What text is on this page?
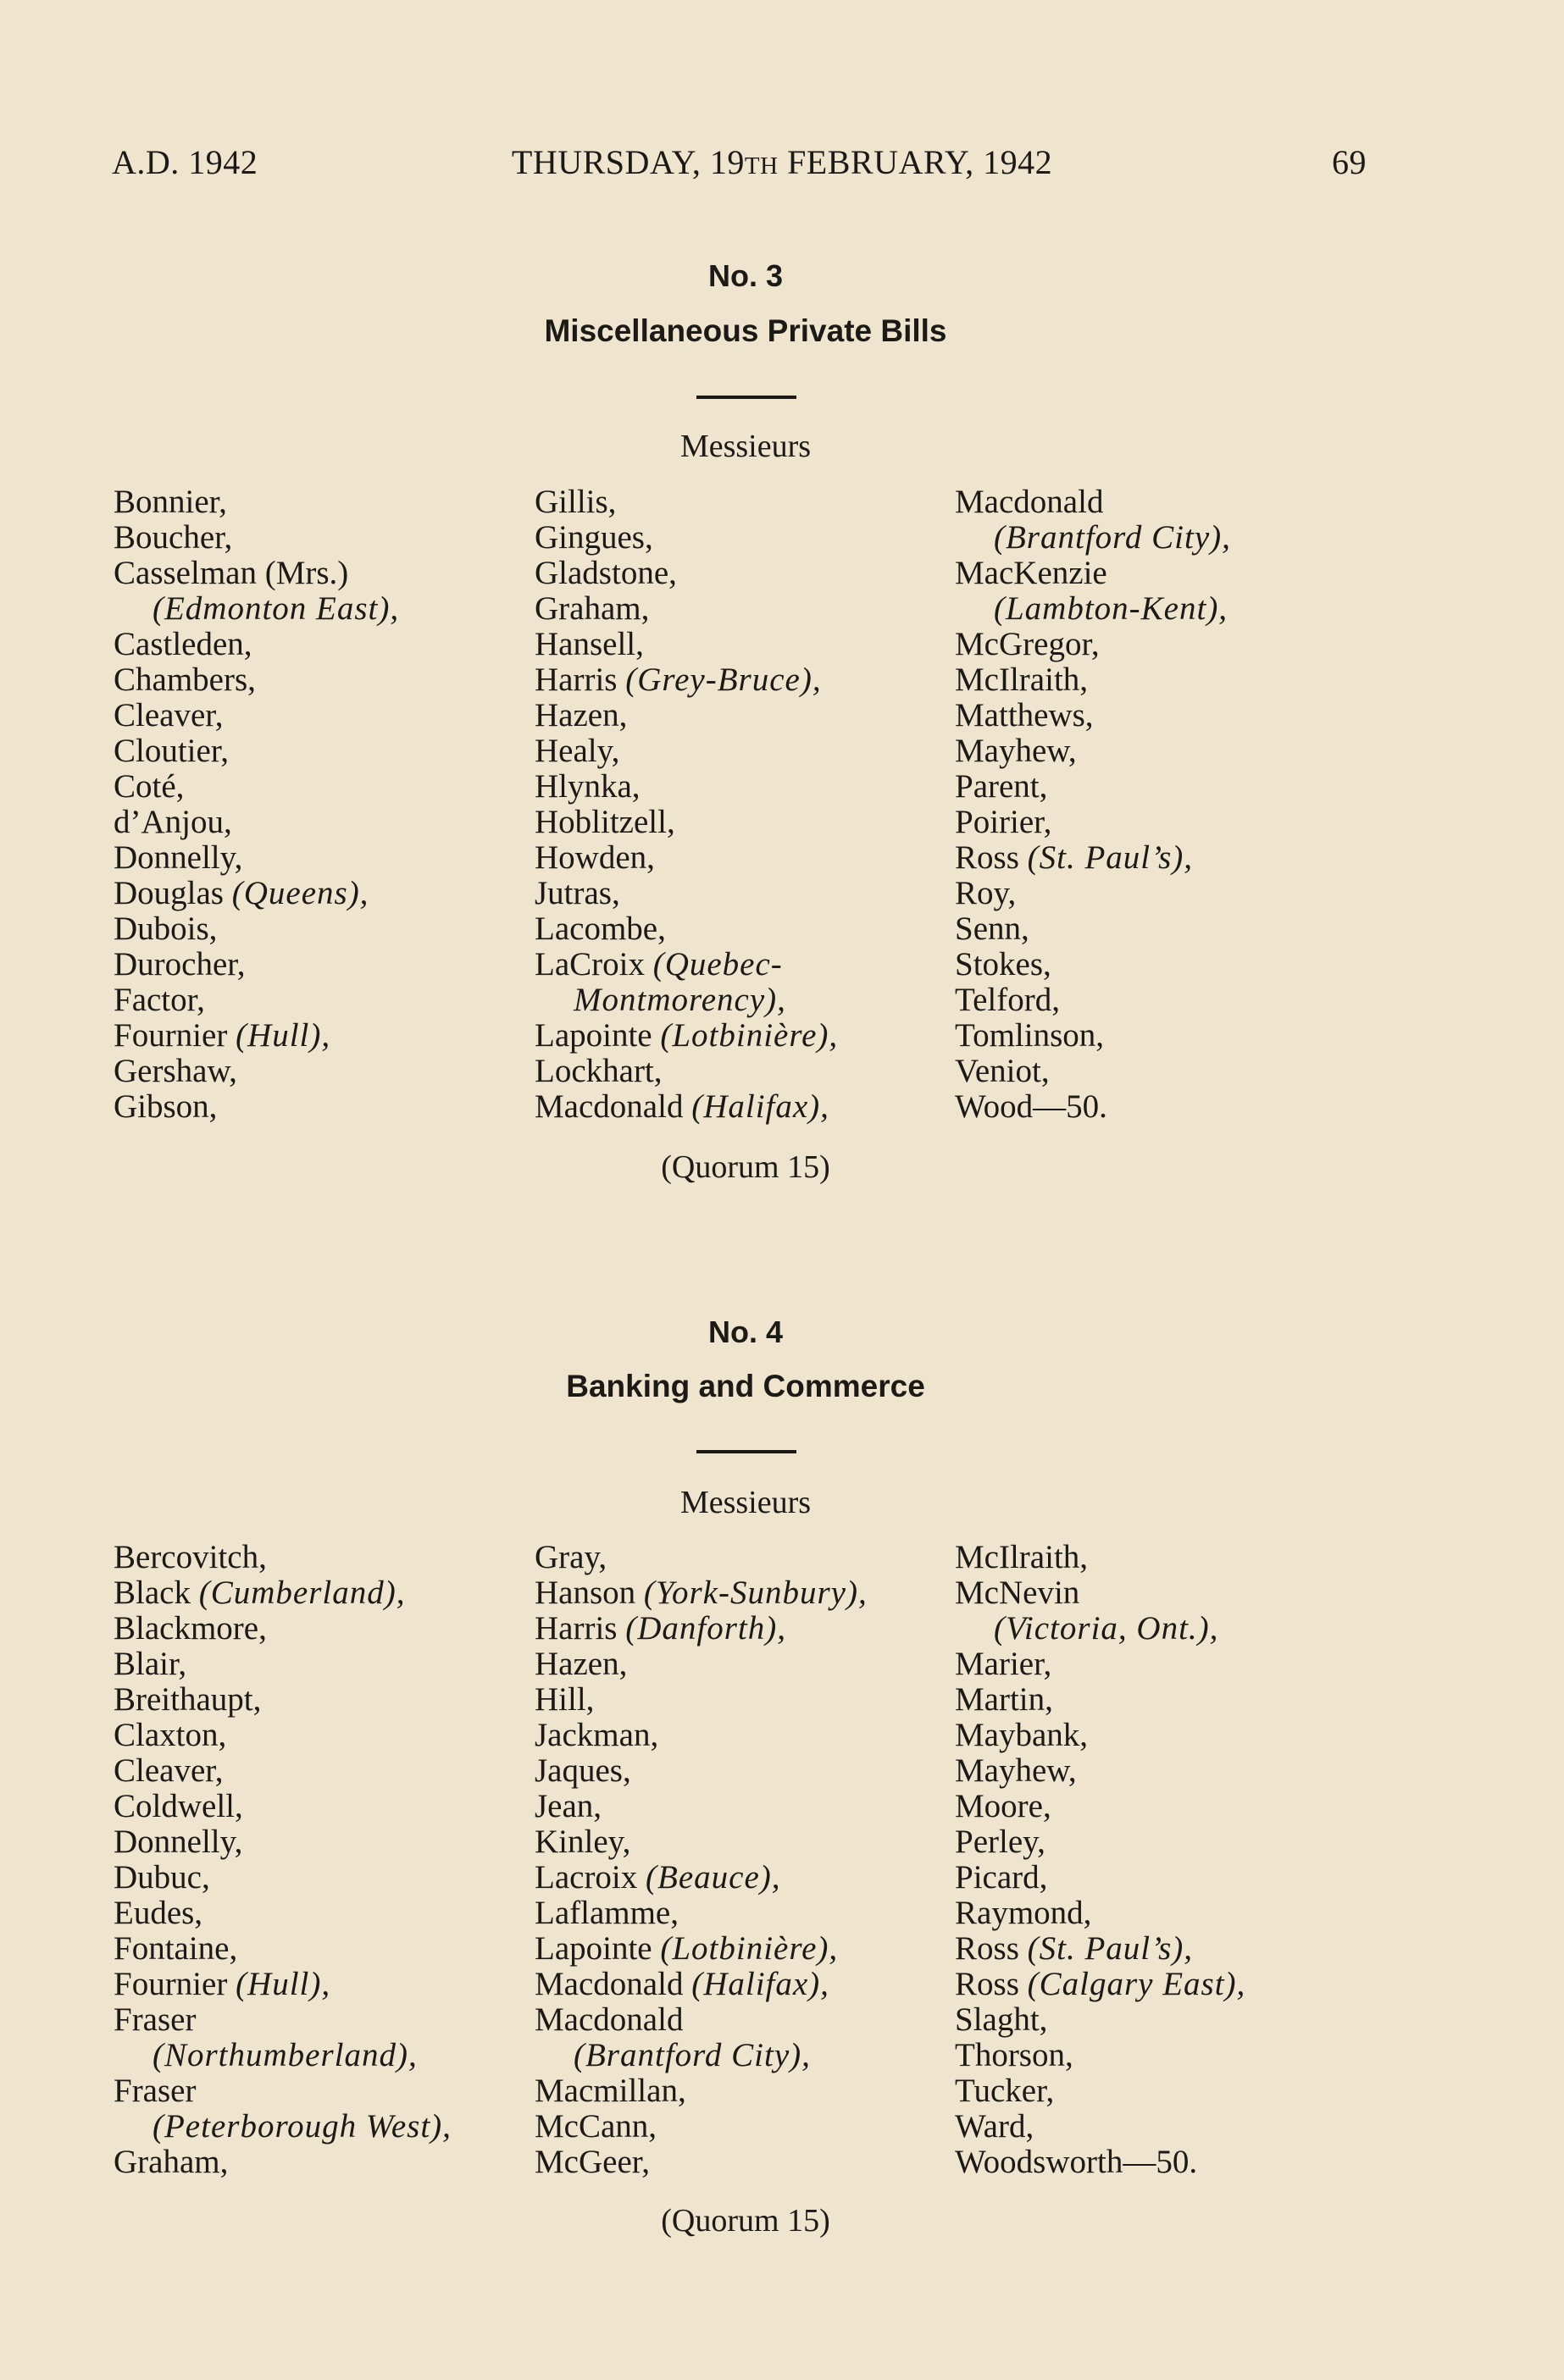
A.D. 1942	THURSDAY, 19TH FEBRUARY, 1942	69
No. 3
Miscellaneous Private Bills
Messieurs
Bonnier,
Boucher,
Casselman (Mrs.)
(Edmonton East),
Castleden,
Chambers,
Cleaver,
Cloutier,
Coté,
d’Anjou,
Donnelly,
Douglas (Queens),
Dubois,
Durocher,
Factor,
Fournier (Hull),
Gershaw,
Gibson,
Gillis,
Gingues,
Gladstone,
Graham,
Hansell,
Harris (Grey-Bruce),
Hazen,
Healy,
Hlynka,
Hoblitzell,
Howden,
Jutras,
Lacombe,
LaCroix (Quebec-
Montmorency),
Lapointe (Lotbinière),
Lockhart,
Macdonald (Halifax),
Macdonald
(Brantford City),
MacKenzie
(Lambton-Kent),
McGregor,
McIlraith,
Matthews,
Mayhew,
Parent,
Poirier,
Ross (St. Paul’s),
Roy,
Senn,
Stokes,
Telford,
Tomlinson,
Veniot,
Wood—50.
(Quorum 15)
No. 4
Banking and Commerce
Messieurs
Bercovitch,
Black (Cumberland),
Blackmore,
Blair,
Breithaupt,
Claxton,
Cleaver,
Coldwell,
Donnelly,
Dubuc,
Eudes,
Fontaine,
Fournier (Hull),
Fraser
(Northumberland),
Fraser
(Peterborough West),
Graham,
Gray,
Hanson (York-Sunbury),
Harris (Danforth),
Hazen,
Hill,
Jackman,
Jaques,
Jean,
Kinley,
Lacroix (Beauce),
Laflamme,
Lapointe (Lotbinière),
Macdonald (Halifax),
Macdonald
(Brantford City),
Macmillan,
McCann,
McGeer,
McIlraith,
McNevin
(Victoria, Ont.),
Marier,
Martin,
Maybank,
Mayhew,
Moore,
Perley,
Picard,
Raymond,
Ross (St. Paul’s),
Ross (Calgary East),
Slaght,
Thorson,
Tucker,
Ward,
Woodsworth—50.
(Quorum 15)
